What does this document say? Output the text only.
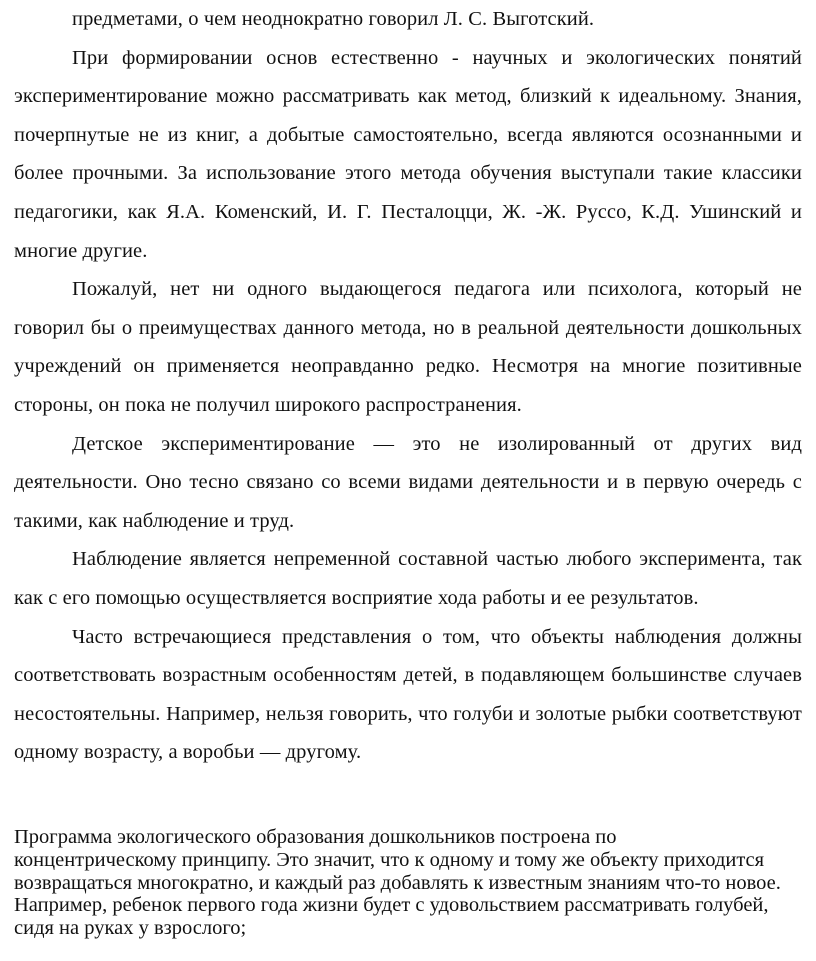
предметами, о чем неоднократно говорил Л. С. Выготский.

При формировании основ естественно - научных и экологических понятий экспериментирование можно рассматривать как метод, близкий к идеальному. Знания, почерпнутые не из книг, а добытые самостоятельно, всегда являются осознанными и более прочными. За использование этого метода обучения выступали такие классики педагогики, как Я.А. Коменский, И. Г. Песталоцци, Ж. -Ж. Руссо, К.Д. Ушинский и многие другие.

Пожалуй, нет ни одного выдающегося педагога или психолога, который не говорил бы о преимуществах данного метода, но в реальной деятельности дошкольных учреждений он применяется неоправданно редко. Несмотря на многие позитивные стороны, он пока не получил широкого распространения.

Детское экспериментирование — это не изолированный от других вид деятельности. Оно тесно связано со всеми видами деятельности и в первую очередь с такими, как наблюдение и труд.

Наблюдение является непременной составной частью любого эксперимента, так как с его помощью осуществляется восприятие хода работы и ее результатов.

Часто встречающиеся представления о том, что объекты наблюдения должны соответствовать возрастным особенностям детей, в подавляющем большинстве случаев несостоятельны. Например, нельзя говорить, что голуби и золотые рыбки соответствуют одному возрасту, а воробьи — другому.

Программа экологического образования дошкольников построена по концентрическому принципу. Это значит, что к одному и тому же объекту приходится возвращаться многократно, и каждый раз добавлять к известным знаниям что-то новое. Например, ребенок первого года жизни будет с удовольствием рассматривать голубей, сидя на руках у взрослого;
